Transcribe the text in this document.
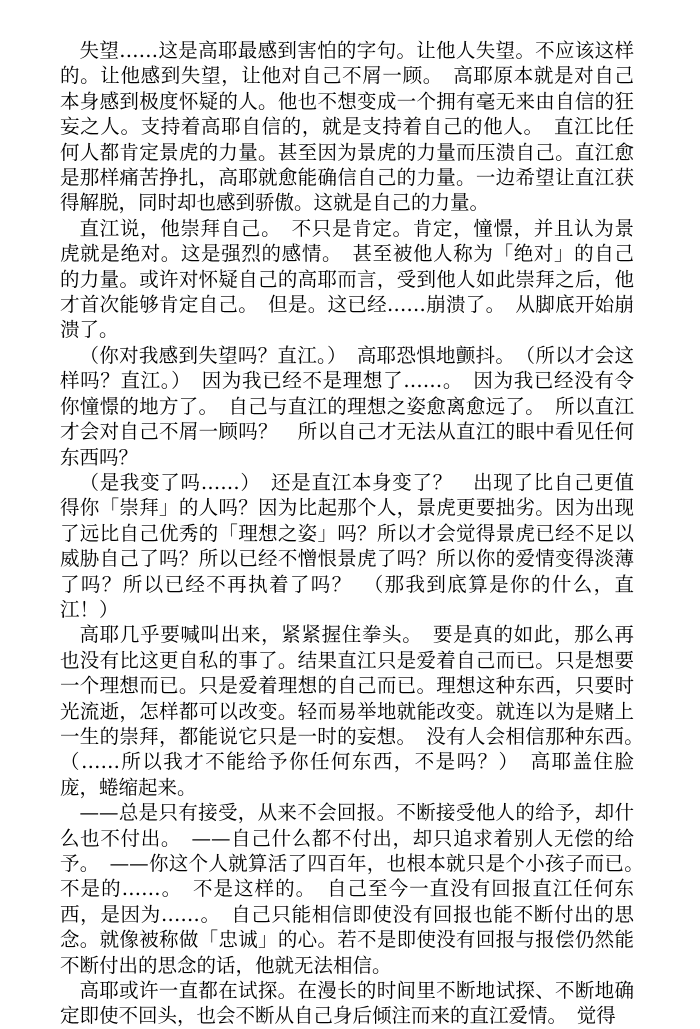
失望……这是高耶最感到害怕的字句。让他人失望。不应该这样的。让他感到失望，让他对自己不屑一顾。　高耶原本就是对自己本身感到极度怀疑的人。他也不想变成一个拥有毫无来由自信的狂妄之人。支持着高耶自信的，就是支持着自己的他人。　直江比任何人都肯定景虎的力量。甚至因为景虎的力量而压溃自己。直江愈是那样痛苦挣扎，高耶就愈能确信自己的力量。一边希望让直江获得解脱，同时却也感到骄傲。这就是自己的力量。

直江说，他崇拜自己。　不只是肯定。肯定，憧憬，并且认为景虎就是绝对。这是强烈的感情。　甚至被他人称为「绝对」的自己的力量。或许对怀疑自己的高耶而言，受到他人如此崇拜之后，他才首次能够肯定自己。　但是。这已经……崩溃了。　从脚底开始崩溃了。

（你对我感到失望吗？直江。）　高耶恐惧地颤抖。　（所以才会这样吗？直江。）　因为我已经不是理想了……。　因为我已经没有令你憧憬的地方了。　自己与直江的理想之姿愈离愈远了。　所以直江才会对自己不屑一顾吗？　所以自己才无法从直江的眼中看见任何东西吗？

（是我变了吗……）　还是直江本身变了？　出现了比自己更值得你「崇拜」的人吗？因为比起那个人，景虎更要拙劣。因为出现了远比自己优秀的「理想之姿」吗？所以才会觉得景虎已经不足以威胁自己了吗？所以已经不憎恨景虎了吗？所以你的爱情变得淡薄了吗？所以已经不再执着了吗？　（那我到底算是你的什么，直江！）

高耶几乎要喊叫出来，紧紧握住拳头。　要是真的如此，那么再也没有比这更自私的事了。结果直江只是爱着自己而已。只是想要一个理想而已。只是爱着理想的自己而已。理想这种东西，只要时光流逝，怎样都可以改变。轻而易举地就能改变。就连以为是赌上一生的崇拜，都能说它只是一时的妄想。　没有人会相信那种东西。　（……所以我才不能给予你任何东西，不是吗？）　高耶盖住脸庞，蜷缩起来。

——总是只有接受，从来不会回报。不断接受他人的给予，却什么也不付出。　——自己什么都不付出，却只追求着别人无偿的给予。　——你这个人就算活了四百年，也根本就只是个小孩子而已。　不是的……。　不是这样的。　自己至今一直没有回报直江任何东西，是因为……。　自己只能相信即使没有回报也能不断付出的思念。就像被称做「忠诚」的心。若不是即使没有回报与报偿仍然能不断付出的思念的话，他就无法相信。

高耶或许一直都在试探。在漫长的时间里不断地试探、不断地确定即使不回头，也会不断从自己身后倾注而来的直江爱情。　觉得
